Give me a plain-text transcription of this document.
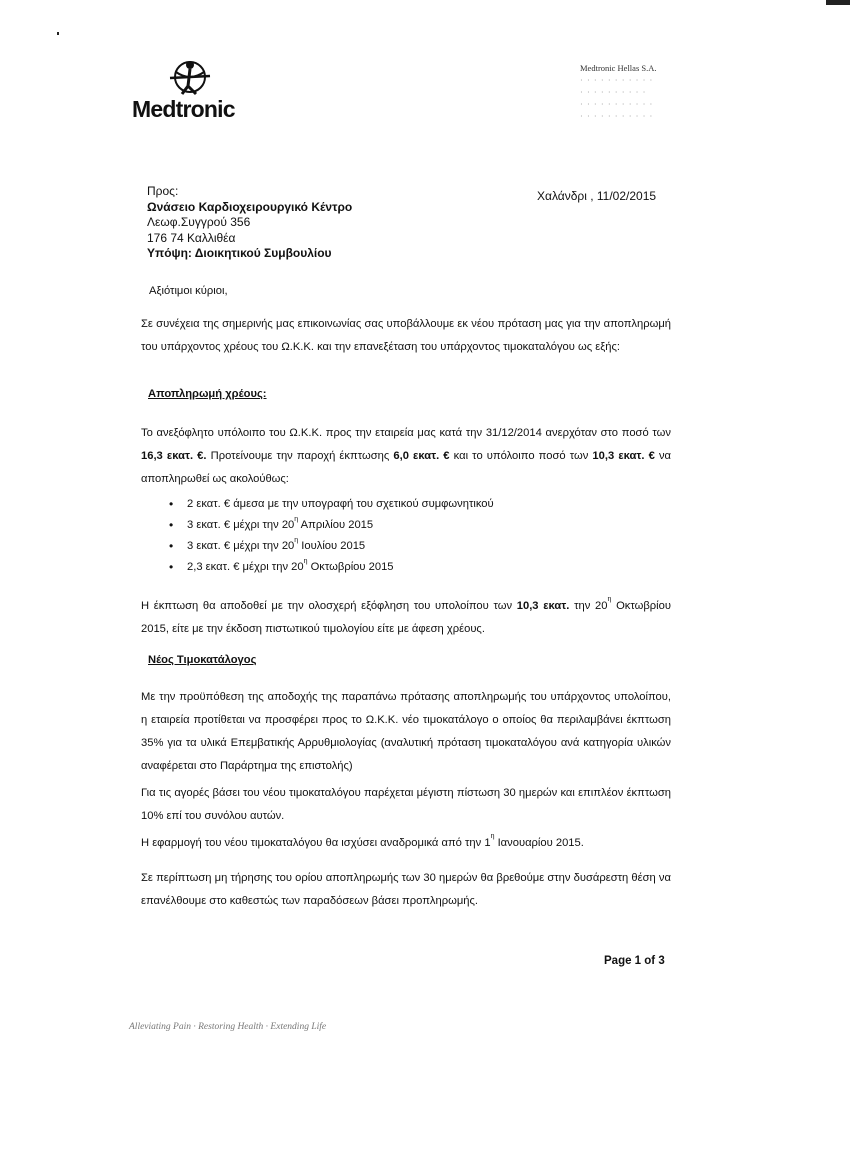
Medtronic
Medtronic Hellas S.A.
· · · · · · · · · · ·
· · · · · · · · · ·
· · · · · · · · · · ·
· · · · · · · · · · ·
Προς:
Ωνάσειο Καρδιοχειρουργικό Κέντρο
Λεωφ.Συγγρού 356
176 74 Καλλιθέα
Υπόψη: Διοικητικού Συμβουλίου
Χαλάνδρι , 11/02/2015
Αξιότιμοι κύριοι,
Σε συνέχεια της σημερινής μας επικοινωνίας σας υποβάλλουμε εκ νέου πρόταση μας για την αποπληρωμή του υπάρχοντος χρέους του Ω.Κ.Κ. και την επανεξέταση του υπάρχοντος τιμοκαταλόγου ως εξής:
Αποπληρωμή χρέους:
Το ανεξόφλητο υπόλοιπο του Ω.Κ.Κ. προς την εταιρεία μας κατά την 31/12/2014 ανερχόταν στο ποσό των 16,3 εκατ. €. Προτείνουμε την παροχή έκπτωσης 6,0 εκατ. € και το υπόλοιπο ποσό των 10,3 εκατ. € να αποπληρωθεί ως ακολούθως:
• 2 εκατ. € άμεσα με την υπογραφή του σχετικού συμφωνητικού
• 3 εκατ. € μέχρι την $20^\eta$ Απριλίου 2015
• 3 εκατ. € μέχρι την $20^\eta$ Ιουλίου 2015
• 2,3 εκατ. € μέχρι την $20^\eta$ Οκτωβρίου 2015
Η έκπτωση θα αποδοθεί με την ολοσχερή εξόφληση του υπολοίπου των 10,3 εκατ. την $20^\eta$ Οκτωβρίου 2015, είτε με την έκδοση πιστωτικού τιμολογίου είτε με άφεση χρέους.
Νέος Τιμοκατάλογος
Με την προϋπόθεση της αποδοχής της παραπάνω πρότασης αποπληρωμής του υπάρχοντος υπολοίπου, η εταιρεία προτίθεται να προσφέρει προς το Ω.Κ.Κ. νέο τιμοκατάλογο ο οποίος θα περιλαμβάνει έκπτωση 35% για τα υλικά Επεμβατικής Αρρυθμιολογίας (αναλυτική πρόταση τιμοκαταλόγου ανά κατηγορία υλικών αναφέρεται στο Παράρτημα της επιστολής)
Για τις αγορές βάσει του νέου τιμοκαταλόγου παρέχεται μέγιστη πίστωση 30 ημερών και επιπλέον έκπτωση 10% επί του συνόλου αυτών.
Η εφαρμογή του νέου τιμοκαταλόγου θα ισχύσει αναδρομικά από την $1^\eta$ Ιανουαρίου 2015.
Σε περίπτωση μη τήρησης του ορίου αποπληρωμής των 30 ημερών θα βρεθούμε στην δυσάρεστη θέση να επανέλθουμε στο καθεστώς των παραδόσεων βάσει προπληρωμής.
Page 1 of 3
Alleviating Pain · Restoring Health · Extending Life
